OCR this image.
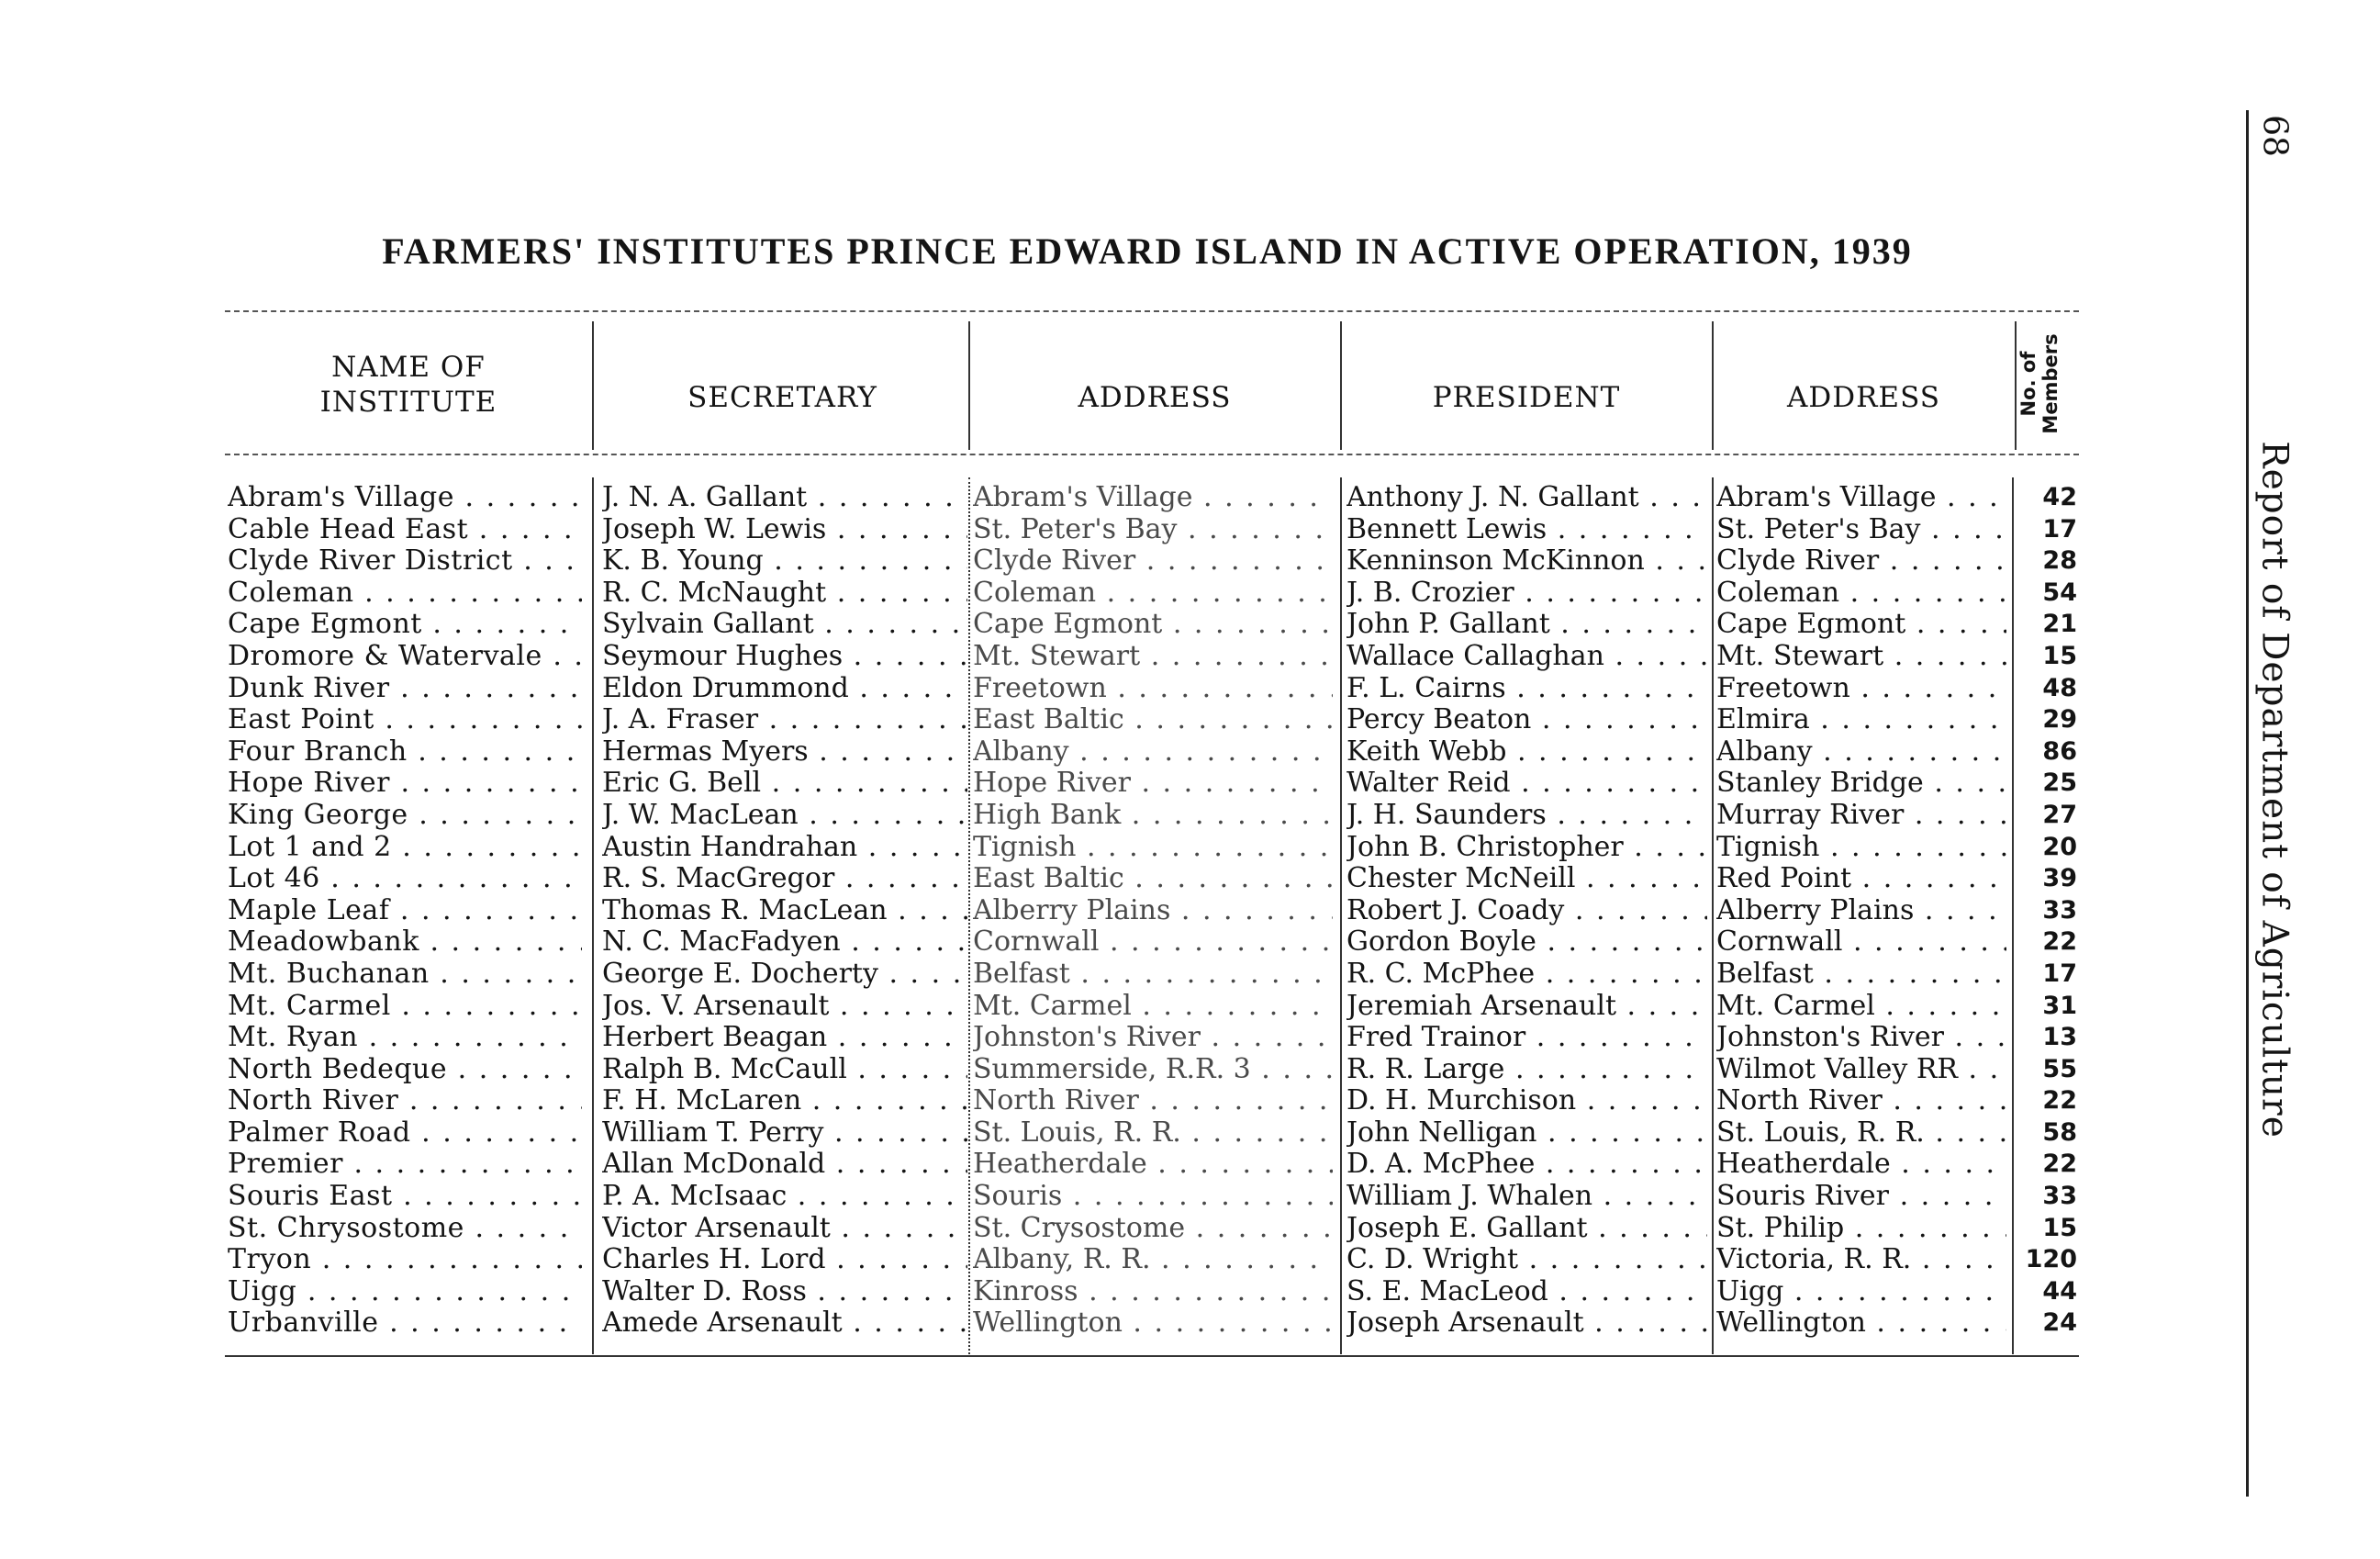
FARMERS' INSTITUTES PRINCE EDWARD ISLAND IN ACTIVE OPERATION, 1939
NAME OF
INSTITUTE	SECRETARY	ADDRESS	PRESIDENT	ADDRESS	No. of Members
Abram's Village . . .	J. N. A. Gallant . . .	Abram's Village . . .	Anthony J. N. Gallant . . .	Abram's Village . . .	42
Cable Head East . . .	Joseph W. Lewis . . .	St. Peter's Bay . . .	Bennett Lewis . . .	St. Peter's Bay . . .	17
Clyde River District . . .	K. B. Young . . .	Clyde River . . .	Kenninson McKinnon . . .	Clyde River . . .	28
Coleman . . .	R. C. McNaught . . .	Coleman . . .	J. B. Crozier . . .	Coleman . . .	54
Cape Egmont . . .	Sylvain Gallant . . .	Cape Egmont . . .	John P. Gallant . . .	Cape Egmont . . .	21
Dromore & Watervale . . .	Seymour Hughes . . .	Mt. Stewart . . .	Wallace Callaghan . . .	Mt. Stewart . . .	15
Dunk River . . .	Eldon Drummond . . .	Freetown . . .	F. L. Cairns . . .	Freetown . . .	48
East Point . . .	J. A. Fraser . . .	East Baltic . . .	Percy Beaton . . .	Elmira . . .	29
Four Branch . . .	Hermas Myers . . .	Albany . . .	Keith Webb . . .	Albany . . .	86
Hope River . . .	Eric G. Bell . . .	Hope River . . .	Walter Reid . . .	Stanley Bridge . . .	25
King George . . .	J. W. MacLean . . .	High Bank . . .	J. H. Saunders . . .	Murray River . . .	27
Lot 1 and 2 . . .	Austin Handrahan . . .	Tignish . . .	John B. Christopher . . .	Tignish . . .	20
Lot 46 . . .	R. S. MacGregor . . .	East Baltic . . .	Chester McNeill . . .	Red Point . . .	39
Maple Leaf . . .	Thomas R. MacLean . . .	Alberry Plains . . .	Robert J. Coady . . .	Alberry Plains . . .	33
Meadowbank . . .	N. C. MacFadyen . . .	Cornwall . . .	Gordon Boyle . . .	Cornwall . . .	22
Mt. Buchanan . . .	George E. Docherty . . .	Belfast . . .	R. C. McPhee . . .	Belfast . . .	17
Mt. Carmel . . .	Jos. V. Arsenault . . .	Mt. Carmel . . .	Jeremiah Arsenault . . .	Mt. Carmel . . .	31
Mt. Ryan . . .	Herbert Beagan . . .	Johnston's River . . .	Fred Trainor . . .	Johnston's River . . .	13
North Bedeque . . .	Ralph B. McCaull . . .	Summerside, R.R. 3 . . .	R. R. Large . . .	Wilmot Valley RR . . .	55
North River . . .	F. H. McLaren . . .	North River . . .	D. H. Murchison . . .	North River . . .	22
Palmer Road . . .	William T. Perry . . .	St. Louis, R. R. . . .	John Nelligan . . .	St. Louis, R. R. . . .	58
Premier . . .	Allan McDonald . . .	Heatherdale . . .	D. A. McPhee . . .	Heatherdale . . .	22
Souris East . . .	P. A. McIsaac . . .	Souris . . .	William J. Whalen . . .	Souris River . . .	33
St. Chrysostome . . .	Victor Arsenault . . .	St. Crysostome . . .	Joseph E. Gallant . . .	St. Philip . . .	15
Tryon . . .	Charles H. Lord . . .	Albany, R. R. . . .	C. D. Wright . . .	Victoria, R. R. . . .	120
Uigg . . .	Walter D. Ross . . .	Kinross . . .	S. E. MacLeod . . .	Uigg . . .	44
Urbanville . . .	Amede Arsenault . . .	Wellington . . .	Joseph Arsenault . . .	Wellington . . .	24
68
Report of Department of Agriculture
